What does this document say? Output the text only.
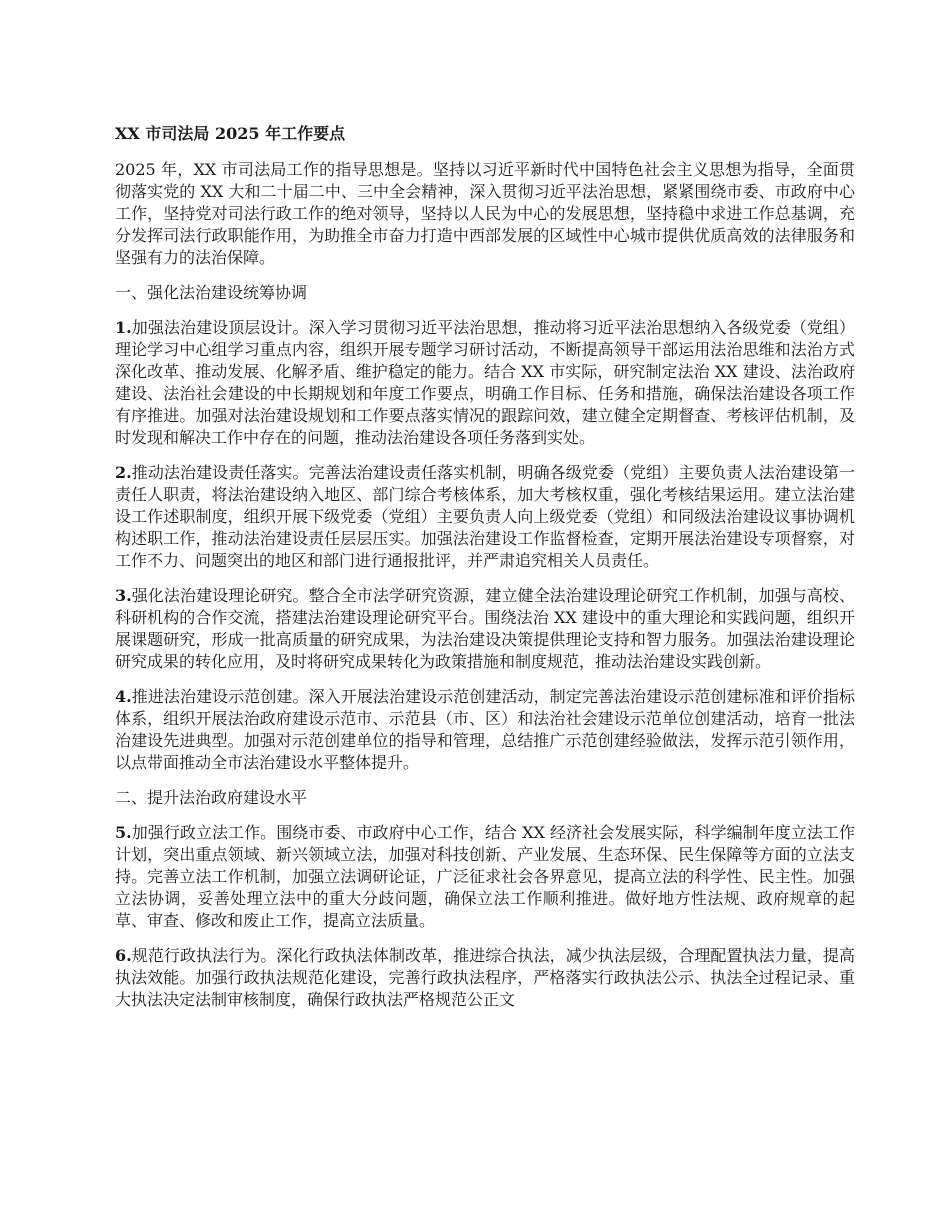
XX 市司法局 2025 年工作要点

2025 年，XX 市司法局工作的指导思想是。坚持以习近平新时代中国特色社会主义思想为指导，全面贯彻落实党的 XX 大和二十届二中、三中全会精神，深入贯彻习近平法治思想，紧紧围绕市委、市政府中心工作，坚持党对司法行政工作的绝对领导，坚持以人民为中心的发展思想，坚持稳中求进工作总基调，充分发挥司法行政职能作用，为助推全市奋力打造中西部发展的区域性中心城市提供优质高效的法律服务和坚强有力的法治保障。

一、强化法治建设统筹协调

1.加强法治建设顶层设计。深入学习贯彻习近平法治思想，推动将习近平法治思想纳入各级党委（党组）理论学习中心组学习重点内容，组织开展专题学习研讨活动，不断提高领导干部运用法治思维和法治方式深化改革、推动发展、化解矛盾、维护稳定的能力。结合 XX 市实际，研究制定法治 XX 建设、法治政府建设、法治社会建设的中长期规划和年度工作要点，明确工作目标、任务和措施，确保法治建设各项工作有序推进。加强对法治建设规划和工作要点落实情况的跟踪问效，建立健全定期督查、考核评估机制，及时发现和解决工作中存在的问题，推动法治建设各项任务落到实处。

2.推动法治建设责任落实。完善法治建设责任落实机制，明确各级党委（党组）主要负责人法治建设第一责任人职责，将法治建设纳入地区、部门综合考核体系，加大考核权重，强化考核结果运用。建立法治建设工作述职制度，组织开展下级党委（党组）主要负责人向上级党委（党组）和同级法治建设议事协调机构述职工作，推动法治建设责任层层压实。加强法治建设工作监督检查，定期开展法治建设专项督察，对工作不力、问题突出的地区和部门进行通报批评，并严肃追究相关人员责任。

3.强化法治建设理论研究。整合全市法学研究资源，建立健全法治建设理论研究工作机制，加强与高校、科研机构的合作交流，搭建法治建设理论研究平台。围绕法治 XX 建设中的重大理论和实践问题，组织开展课题研究，形成一批高质量的研究成果，为法治建设决策提供理论支持和智力服务。加强法治建设理论研究成果的转化应用，及时将研究成果转化为政策措施和制度规范，推动法治建设实践创新。

4.推进法治建设示范创建。深入开展法治建设示范创建活动，制定完善法治建设示范创建标准和评价指标体系，组织开展法治政府建设示范市、示范县（市、区）和法治社会建设示范单位创建活动，培育一批法治建设先进典型。加强对示范创建单位的指导和管理，总结推广示范创建经验做法，发挥示范引领作用，以点带面推动全市法治建设水平整体提升。

二、提升法治政府建设水平

5.加强行政立法工作。围绕市委、市政府中心工作，结合 XX 经济社会发展实际，科学编制年度立法工作计划，突出重点领域、新兴领域立法，加强对科技创新、产业发展、生态环保、民生保障等方面的立法支持。完善立法工作机制，加强立法调研论证，广泛征求社会各界意见，提高立法的科学性、民主性。加强立法协调，妥善处理立法中的重大分歧问题，确保立法工作顺利推进。做好地方性法规、政府规章的起草、审查、修改和废止工作，提高立法质量。

6.规范行政执法行为。深化行政执法体制改革，推进综合执法，减少执法层级，合理配置执法力量，提高执法效能。加强行政执法规范化建设，完善行政执法程序，严格落实行政执法公示、执法全过程记录、重大执法决定法制审核制度，确保行政执法严格规范公正文
